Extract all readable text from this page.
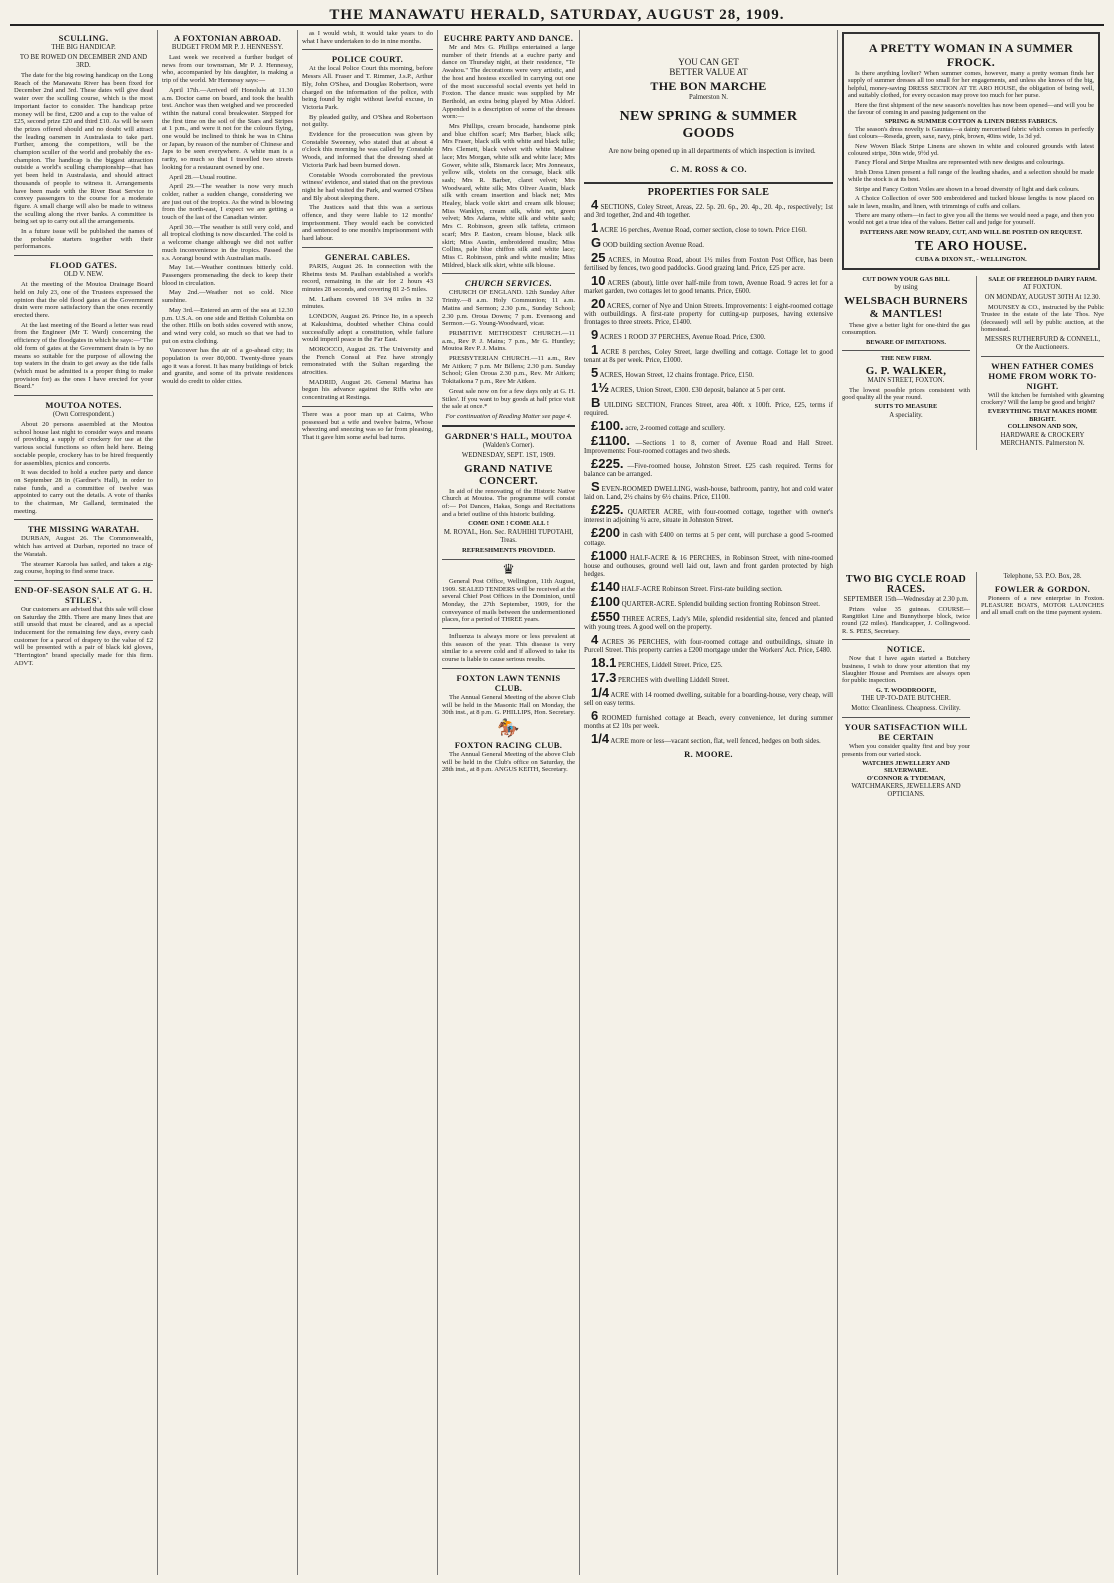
THE MANAWATU HERALD, SATURDAY, AUGUST 28, 1909.
SCULLING.
THE BIG HANDICAP.
TO BE ROWED ON DECEMBER 2ND AND 3RD.

The date for the big rowing handicap on the Long Reach of the Manawatu River has been fixed for December 2nd and 3rd. These dates will give dead water over the sculling course, which is the most important factor to consider. The handicap prize money will be first, £200 and a cup to the value of £25, second prize £20 and third £10. As will be seen the prizes offered should and no doubt will attract the leading oarsmen in Australasia to take part. Further, among the competitors, will be the champion sculler of the world and probably the ex-champion. The handicap is the biggest attraction outside a world's sculling championship—that has yet been held in Australasia, and should attract thousands of people to witness it. Arrangements have been made with the River Boat Service to convey passengers to the course for a moderate figure. A small charge will also be made to witness the sculling along the river banks. A committee is being set up to carry out all the arrangements.

In a future issue will be published the names of the probable starters together with their performances.

FLOOD GATES.
OLD V. NEW.

At the meeting of the Moutoa Drainage Board held on July 23, one of the Trustees expressed the opinion that the old flood gates at the Government drain were more satisfactory than the ones recently erected there.

At the last meeting of the Board a letter was read from the Engineer (Mr T. Ward) concerning the efficiency of the floodgates in which he says:—"The old form of gates at the Government drain is by no means so suitable for the purpose of allowing the top waters in the drain to get away as the tide falls (which must be admitted is a proper thing to make provision for) as the ones I have erected for your Board."

MOUTOA NOTES.
(Own Correspondent.)

About 20 persons assembled at the Moutoa school house last night to consider ways and means of providing a supply of crockery for use at the various social functions so often held here. Being sociable people, crockery has to be hired frequently for assemblies, picnics and concerts.

It was decided to hold a euchre party and dance on September 28 in (Gardner's Hall), in order to raise funds, and a committee of twelve was appointed to carry out the details. A vote of thanks to the chairman, Mr Galland, terminated the meeting.

THE MISSING WARATAH.

DURBAN, August 26. The Commonwealth, which has arrived at Durban, reported no trace of the Waratah.

The steamer Karoola has sailed, and takes a zig-zag course, hoping to find some trace.

END-OF-SEASON SALE AT G. H. STILES'.

Our customers are advised that this sale will close on Saturday the 28th. There are many lines that are still unsold that must be cleared, and as a special inducement for the remaining few days, every cash customer for a parcel of drapery to the value of £2 will be presented with a pair of black kid gloves, "Herrington" brand specially made for this firm. ADVT.

A FOXTONIAN ABROAD.
BUDGET FROM MR P. J. HENNESSY.

Last week we received a further budget of news from our townsman, Mr P. J. Hennessy, who, accompanied by his daughter, is making a trip of the world. Mr Hennessy says:—

April 17th.—Arrived off Honolulu at 11.30 a.m. Doctor came on board, and took the health test. Anchor was then weighed and we proceeded within the natural coral breakwater. Stepped for the first time on the soil of the Stars and Stripes at 1 p.m., and were it not for the colours flying, one would be inclined to think he was in China or Japan, by reason of the number of Chinese and Japs to be seen everywhere. A white man is a rarity, so much so that I travelled two streets looking for a restaurant owned by one.

April 28.—Usual routine.

April 29.—The weather is now very much colder, rather a sudden change, considering we are just out of the tropics. As the wind is blowing from the north-east, I expect we are getting a touch of the last of the Canadian winter.

April 30.—The weather is still very cold, and all tropical clothing is now discarded. The cold is a welcome change although we did not suffer much inconvenience in the tropics. Passed the s.s. Aorangi bound with Australian mails.

May 1st.—Weather continues bitterly cold. Passengers promenading the deck to keep their blood in circulation.

May 2nd.—Weather not so cold. Nice sunshine.

May 3rd.—Entered an arm of the sea at 12.30 p.m. U.S.A. on one side and British Columbia on the other. Hills on both sides covered with snow, and wind very cold, so much so that we had to put on extra clothing.

Vancouver has the air of a go-ahead city; its population is over 80,000. Twenty-three years ago it was a forest. It has many buildings of brick and granite, and some of its private residences would do credit to older cities.

as I would wish, it would take years to do what I have undertaken to do in nine months.

POLICE COURT.

At the local Police Court this morning, before Messrs All. Fraser and T. Rimmer, J.s.P., Arthur Bly, John O'Shea, and Douglas Robertson, were charged on the information of the police, with being found by night without lawful excuse, in Victoria Park.

By pleaded guilty, and O'Shea and Robertson not guilty.

Evidence for the prosecution was given by Constable Sweeney, who stated that at about 4 o'clock this morning he was called by Constable Woods, and informed that the dressing shed at Victoria Park had been burned down.

Constable Woods corroborated the previous witness' evidence, and stated that on the previous night he had visited the Park, and warned O'Shea and Bly about sleeping there.

The Justices said that this was a serious offence, and they were liable to 12 months' imprisonment. They would each be convicted and sentenced to one month's imprisonment with hard labour.

GENERAL CABLES.

PARIS, August 26. In connection with the Rheims tests M. Paulhan established a world's record, remaining in the air for 2 hours 43 minutes 28 seconds, and covering 81 2-5 miles.

M. Latham covered 18 3/4 miles in 32 minutes.

LONDON, August 26. Prince Ito, in a speech at Kakushima, doubted whether China could successfully adopt a constitution, while failure would imperil peace in the Far East.

MOROCCO, August 26. The University and the French Consul at Fez have strongly remonstrated with the Sultan regarding the atrocities.

MADRID, August 26. General Marina has begun his advance against the Riffs who are concentrating at Restinga.

There was a poor man up at Cairns, Who possessed but a wife and twelve bairns, Whose wheezing and sneezing was so far from pleasing, That it gave him some awful bad turns.

EUCHRE PARTY AND DANCE.

Mr and Mrs G. Phillips entertained a large number of their friends at a euchre party and dance on Thursday night, at their residence, "Te Awahou." The decorations were very artistic, and the host and hostess excelled in carrying out one of the most successful social events yet held in Foxton. The dance music was supplied by Mr Berthold, an extra being played by Miss Aldorf. Appended is a description of some of the dresses worn:—

Mrs Phillips, cream brocade, handsome pink and blue chiffon scarf; Mrs Barber, black silk; Mrs Fraser, black silk with white and black tulle; Mrs Clemett, black velvet with white Maltese lace; Mrs Morgan, white silk and white lace; Mrs Gower, white silk, Bismarck lace; Mrs Jonneaux, yellow silk, violets on the corsage, black silk sash; Mrs R. Barber, claret velvet; Mrs Woodward, white silk; Mrs Oliver Austin, black silk with cream insertion and black net; Mrs Healey, black voile skirt and cream silk blouse; Miss Wanklyn, cream silk, white net, green velvet; Mrs Adams, white silk and white sash; Mrs C. Robinson, green silk taffeta, crimson scarf; Mrs P. Easton, cream blouse, black silk skirt; Miss Austin, embroidered muslin; Miss Collins, pale blue chiffon silk and white lace; Miss C. Robinson, pink and white muslin; Miss Mildred, black silk skirt, white silk blouse.

CHURCH SERVICES.

CHURCH OF ENGLAND. 12th Sunday After Trinity.—8 a.m. Holy Communion; 11 a.m. Matins and Sermon; 2.30 p.m., Sunday School; 2.30 p.m. Oroua Downs; 7 p.m. Evensong and Sermon.—G. Young-Woodward, vicar.

PRIMITIVE METHODIST CHURCH.—11 a.m., Rev P. J. Mains; 7 p.m., Mr G. Huntley; Moutoa Rev P. J. Mains.

PRESBYTERIAN CHURCH.—11 a.m., Rev Mr Aitken; 7 p.m. Mr Billens; 2.30 p.m. Sunday School; Glen Oroua 2.30 p.m., Rev. Mr Aitken; Tokitaikona 7 p.m., Rev Mr Aitken.

Great sale now on for a few days only at G. H. Stiles'. If you want to buy goods at half price visit the sale at once.*

For continuation of Reading Matter see page 4.
GARDNER'S HALL, MOUTOA
(Walden's Corner).
WEDNESDAY, SEPT. 1ST, 1909.
GRAND NATIVE CONCERT.

In aid of the renovating of the Historic Native Church at Moutoa. The programme will consist of:— Poi Dances, Hakas, Songs and Recitations and a brief outline of this historic building.

COME ONE ! COME ALL !
M. ROYAL, Hon. Sec. RAUHIHI TUPOTAHI, Treas.
REFRESHMENTS PROVIDED.
♛

General Post Office, Wellington, 11th August, 1909. SEALED TENDERS will be received at the several Chief Post Offices in the Dominion, until Monday, the 27th September, 1909, for the conveyance of mails between the undermentioned places, for a period of THREE years.

Influenza is always more or less prevalent at this season of the year. This disease is very similar to a severe cold and if allowed to take its course is liable to cause serious results.

FOXTON LAWN TENNIS CLUB.

The Annual General Meeting of the above Club will be held in the Masonic Hall on Monday, the 30th inst., at 8 p.m. G. PHILLIPS, Hon. Secretary.

🏇
FOXTON RACING CLUB.

The Annual General Meeting of the above Club will be held in the Club's office on Saturday, the 28th inst., at 8 p.m. ANGUS KEITH, Secretary.

YOU CAN GET
BETTER VALUE AT
THE BON MARCHE
Palmerston N.
NEW SPRING & SUMMER GOODS

Are now being opened up in all departments of which inspection is invited.

C. M. ROSS & CO.
PROPERTIES FOR SALE

4 SECTIONS, Coley Street, Areas, 22. 5p. 20. 6p., 20. 4p., 20. 4p., respectively; 1st and 3rd together, 2nd and 4th together.

1 ACRE 16 perches, Avenue Road, corner section, close to town. Price £160.

G OOD building section Avenue Road.

25 ACRES, in Moutoa Road, about 1½ miles from Foxton Post Office, has been fertilised by fences, two good paddocks. Good grazing land. Price, £25 per acre.

10 ACRES (about), little over half-mile from town, Avenue Road. 9 acres let for a market garden, two cottages let to good tenants. Price, £600.

20 ACRES, corner of Nye and Union Streets. Improvements: 1 eight-roomed cottage with outbuildings. A first-rate property for cutting-up purposes, having extensive frontages to three streets. Price, £1400.

9 ACRES 1 ROOD 37 PERCHES, Avenue Road. Price, £300.

1 ACRE 8 perches, Coley Street, large dwelling and cottage. Cottage let to good tenant at 8s per week. Price, £1000.

5 ACRES, Howan Street, 12 chains frontage. Price, £150.

1½ ACRES, Union Street, £300. £30 deposit, balance at 5 per cent.

B UILDING SECTION, Frances Street, area 40ft. x 100ft. Price, £25, terms if required.

£100. acre, 2-roomed cottage and scullery.

£1100. —Sections 1 to 8, corner of Avenue Road and Hall Street. Improvements: Four-roomed cottages and two sheds.

£225. —Five-roomed house, Johnston Street. £25 cash required. Terms for balance can be arranged.

S EVEN-ROOMED DWELLING, wash-house, bathroom, pantry, hot and cold water laid on. Land, 2½ chains by 6½ chains. Price, £1100.

£225. QUARTER ACRE, with four-roomed cottage, together with owner's interest in adjoining ¼ acre, situate in Johnston Street.

£200 in cash with £400 on terms at 5 per cent, will purchase a good 5-roomed cottage.

£1000 HALF-ACRE & 16 PERCHES, in Robinson Street, with nine-roomed house and outhouses, ground well laid out, lawn and front garden protected by high hedges.

£140 HALF-ACRE Robinson Street. First-rate building section.

£100 QUARTER-ACRE. Splendid building section fronting Robinson Street.

£550 THREE ACRES, Lady's Mile, splendid residential site, fenced and planted with young trees. A good well on the property.

4 ACRES 36 PERCHES, with four-roomed cottage and outbuildings, situate in Purcell Street. This property carries a £200 mortgage under the Workers' Act. Price, £480.

18.1 PERCHES, Liddell Street. Price, £25.

17.3 PERCHES with dwelling Liddell Street.

1/4 ACRE with 14 roomed dwelling, suitable for a boarding-house, very cheap, will sell on easy terms.

6 ROOMED furnished cottage at Beach, every convenience, let during summer months at £2 10s per week.

1/4 ACRE more or less—vacant section, flat, well fenced, hedges on both sides.

R. MOORE.
A PRETTY WOMAN IN A SUMMER FROCK.

Is there anything lovlier? When summer comes, however, many a pretty woman finds her supply of summer dresses all too small for her engagements, and unless she knows of the big, helpful, money-saving DRESS SECTION AT TE ARO HOUSE, the obligation of being well, and suitably clothed, for every occasion may prove too much for her purse.

Here the first shipment of the new season's novelties has now been opened—and will you be the favour of coming in and passing judgement on the

SPRING & SUMMER COTTON & LINEN DRESS FABRICS.

The season's dress novelty is Gauntas—a dainty mercerised fabric which comes in perfectly fast colours—Reseda, green, saxe, navy, pink, brown, 40ins wide, 1s 3d yd.

New Woven Black Stripe Linens are shown in white and coloured grounds with latest coloured stripe, 30in wide, 9½d yd.

Fancy Floral and Stripe Muslins are represented with new designs and colourings.

Irish Dress Linen present a full range of the leading shades, and a selection should be made while the stock is at its best.

Stripe and Fancy Cotton Voiles are shown in a broad diversity of light and dark colours.

A Choice Collection of over 500 embroidered and tucked blouse lengths is now placed on sale in lawn, muslin, and linen, with trimmings of cuffs and collars.

There are many others—in fact to give you all the items we would need a page, and then you would not get a true idea of the values. Better call and judge for yourself.

PATTERNS ARE NOW READY, CUT, AND WILL BE POSTED ON REQUEST.
TE ARO HOUSE.
CUBA & DIXON ST., - WELLINGTON.
CUT DOWN YOUR GAS BILL
by using
WELSBACH BURNERS & MANTLES!

These give a better light for one-third the gas consumption.

BEWARE OF IMITATIONS.
THE NEW FIRM.
G. P. WALKER,
MAIN STREET, FOXTON.

The lowest possible prices consistent with good quality all the year round.

SUITS TO MEASURE
A speciality.
SALE OF FREEHOLD DAIRY FARM.
AT FOXTON.
ON MONDAY, AUGUST 30TH At 12.30.

MOUNSEY & CO., instructed by the Public Trustee in the estate of the late Thos. Nye (deceased) will sell by public auction, at the homestead.

MESSRS RUTHERFURD & CONNELL, Or the Auctioneers.
WHEN FATHER COMES HOME FROM WORK TO-NIGHT.

Will the kitchen be furnished with gleaming crockery? Will the lamp be good and bright?

EVERYTHING THAT MAKES HOME BRIGHT.
COLLINSON AND SON,
HARDWARE & CROCKERY MERCHANTS. Palmerston N.
TWO BIG CYCLE ROAD RACES.
SEPTEMBER 15th—Wednesday at 2.30 p.m.

Prizes value 35 guineas. COURSE—Rangitikei Line and Bunnythorpe block, twice round (22 miles). Handicapper, J. Collingwood. R. S. PEES, Secretary.

NOTICE.

Now that I have again started a Butchery business, I wish to draw your attention that my Slaughter House and Premises are always open for public inspection.

G. T. WOODROOFE,
THE UP-TO-DATE BUTCHER.
Motto: Cleanliness. Cheapness. Civility.
YOUR SATISFACTION WILL BE CERTAIN

When you consider quality first and buy your presents from our varied stock.

WATCHES JEWELLERY AND SILVERWARE.
O'CONNOR & TYDEMAN,
WATCHMAKERS, JEWELLERS AND OPTICIANS.
Telephone, 53. P.O. Box, 28.
FOWLER & GORDON.

Pioneers of a new enterprise in Foxton. PLEASURE BOATS, MOTOR LAUNCHES and all small craft on the time payment system.
